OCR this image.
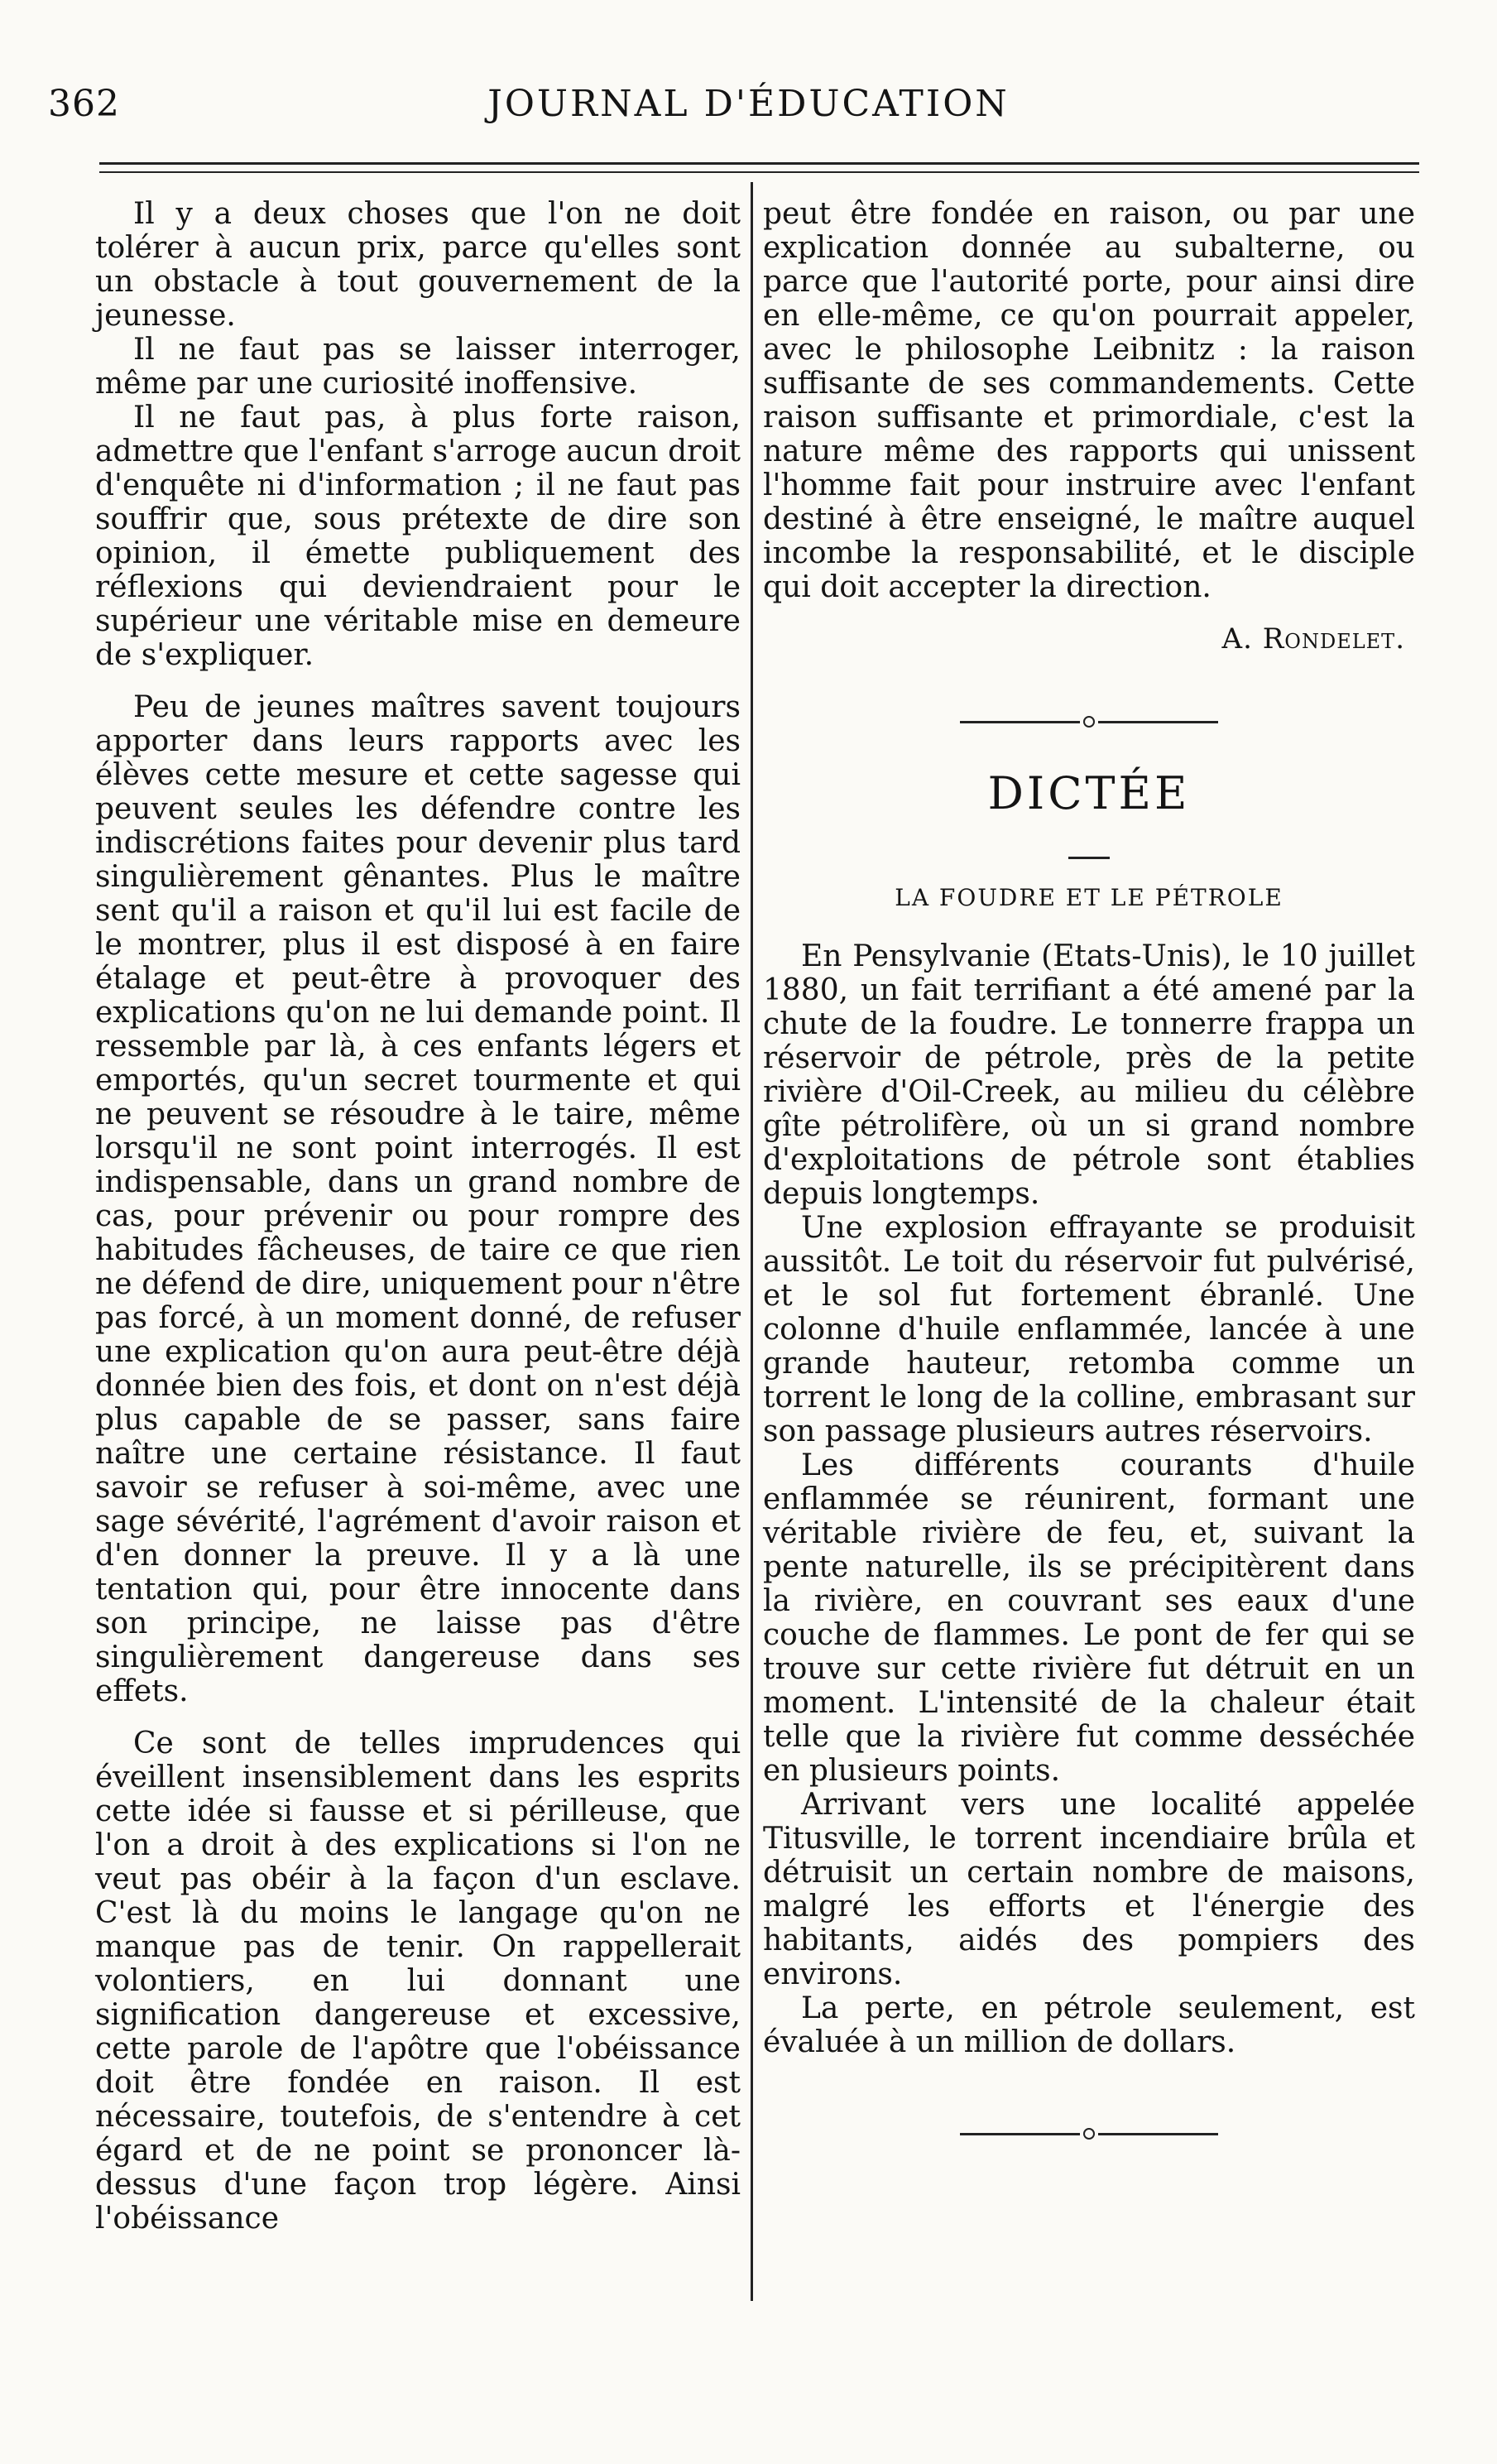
362	JOURNAL D'ÉDUCATION

Il y a deux choses que l'on ne doit tolérer à aucun prix, parce qu'elles sont un obstacle à tout gouvernement de la jeunesse.

Il ne faut pas se laisser interroger, même par une curiosité inoffensive.

Il ne faut pas, à plus forte raison, admettre que l'enfant s'arroge aucun droit d'enquête ni d'information ; il ne faut pas souffrir que, sous prétexte de dire son opinion, il émette publiquement des réflexions qui deviendraient pour le supérieur une véritable mise en demeure de s'expliquer.

Peu de jeunes maîtres savent toujours apporter dans leurs rapports avec les élèves cette mesure et cette sagesse qui peuvent seules les défendre contre les indiscrétions faites pour devenir plus tard singulièrement gênantes. Plus le maître sent qu'il a raison et qu'il lui est facile de le montrer, plus il est disposé à en faire étalage et peut-être à provoquer des explications qu'on ne lui demande point. Il ressemble par là, à ces enfants légers et emportés, qu'un secret tourmente et qui ne peuvent se résoudre à le taire, même lorsqu'il ne sont point interrogés. Il est indispensable, dans un grand nombre de cas, pour prévenir ou pour rompre des habitudes fâcheuses, de taire ce que rien ne défend de dire, uniquement pour n'être pas forcé, à un moment donné, de refuser une explication qu'on aura peut-être déjà donnée bien des fois, et dont on n'est déjà plus capable de se passer, sans faire naître une certaine résistance. Il faut savoir se refuser à soi-même, avec une sage sévérité, l'agrément d'avoir raison et d'en donner la preuve. Il y a là une tentation qui, pour être innocente dans son principe, ne laisse pas d'être singulièrement dangereuse dans ses effets.

Ce sont de telles imprudences qui éveillent insensiblement dans les esprits cette idée si fausse et si périlleuse, que l'on a droit à des explications si l'on ne veut pas obéir à la façon d'un esclave. C'est là du moins le langage qu'on ne manque pas de tenir. On rappellerait volontiers, en lui donnant une signification dangereuse et excessive, cette parole de l'apôtre que l'obéissance doit être fondée en raison. Il est nécessaire, toutefois, de s'entendre à cet égard et de ne point se prononcer là-dessus d'une façon trop légère. Ainsi l'obéissance

peut être fondée en raison, ou par une explication donnée au subalterne, ou parce que l'autorité porte, pour ainsi dire en elle-même, ce qu'on pourrait appeler, avec le philosophe Leibnitz : la raison suffisante de ses commandements. Cette raison suffisante et primordiale, c'est la nature même des rapports qui unissent l'homme fait pour instruire avec l'enfant destiné à être enseigné, le maître auquel incombe la responsabilité, et le disciple qui doit accepter la direction.

A. Rondelet.
DICTÉE
LA FOUDRE ET LE PÉTROLE

En Pensylvanie (Etats-Unis), le 10 juillet 1880, un fait terrifiant a été amené par la chute de la foudre. Le tonnerre frappa un réservoir de pétrole, près de la petite rivière d'Oil-Creek, au milieu du célèbre gîte pétrolifère, où un si grand nombre d'exploitations de pétrole sont établies depuis longtemps.

Une explosion effrayante se produisit aussitôt. Le toit du réservoir fut pulvérisé, et le sol fut fortement ébranlé. Une colonne d'huile enflammée, lancée à une grande hauteur, retomba comme un torrent le long de la colline, embrasant sur son passage plusieurs autres réservoirs.

Les différents courants d'huile enflammée se réunirent, formant une véritable rivière de feu, et, suivant la pente naturelle, ils se précipitèrent dans la rivière, en couvrant ses eaux d'une couche de flammes. Le pont de fer qui se trouve sur cette rivière fut détruit en un moment. L'intensité de la chaleur était telle que la rivière fut comme desséchée en plusieurs points.

Arrivant vers une localité appelée Titusville, le torrent incendiaire brûla et détruisit un certain nombre de maisons, malgré les efforts et l'énergie des habitants, aidés des pompiers des environs.

La perte, en pétrole seulement, est évaluée à un million de dollars.
